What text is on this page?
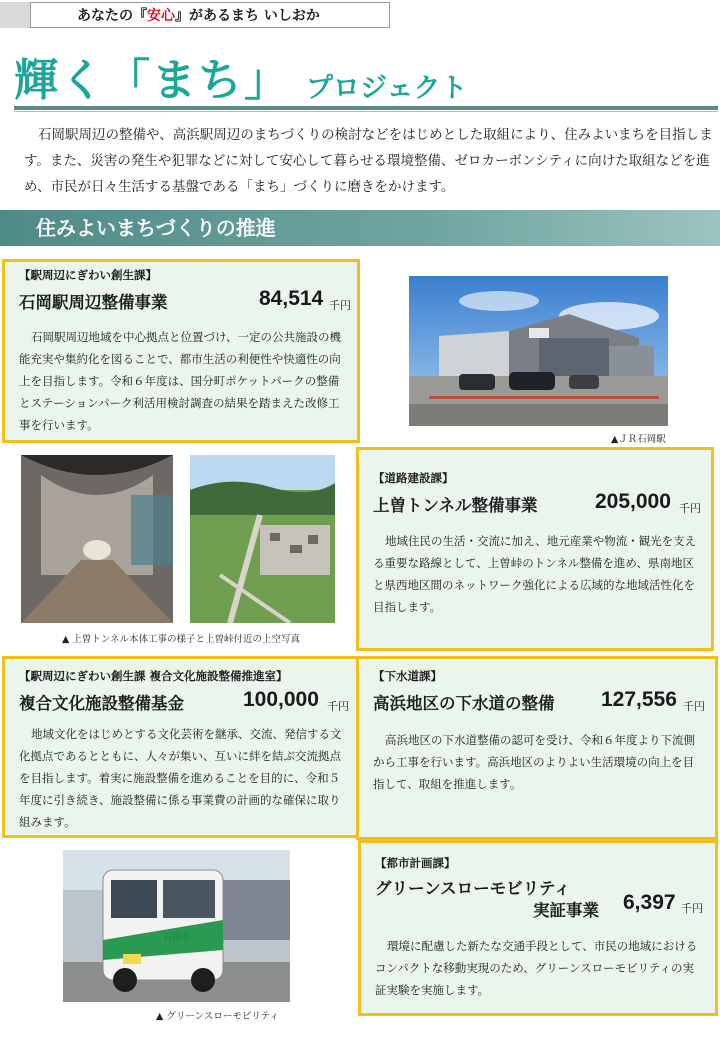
あなたの『 安心 』があるまち いしおか
輝く「まち」 プロジェクト

石岡駅周辺の整備や、高浜駅周辺のまちづくりの検討などをはじめとした取組により、住みよいまちを目指します。また、災害の発生や犯罪などに対して安心して暮らせる環境整備、ゼロカーボンシティに向けた取組などを進め、市民が日々生活する基盤である「まち」づくりに磨きをかけます。

住みよいまちづくりの推進
【駅周辺にぎわい創生課】
石岡駅周辺整備事業	84,514 千円
石岡駅周辺地域を中心拠点と位置づけ、一定の公共施設の機能充実や集約化を図ることで、都市生活の利便性や快適性の向上を目指します。令和６年度は、国分町ポケットパークの整備とステーションパーク利活用検討調査の結果を踏まえた改修工事を行います。
▲ＪＲ石岡駅
▲ 上曽トンネル本体工事の様子と上曽峠付近の上空写真
【道路建設課】
上曽トンネル整備事業	205,000 千円
地域住民の生活・交流に加え、地元産業や物流・観光を支える重要な路線として、上曽峠のトンネル整備を進め、県南地区と県西地区間のネットワーク強化による広域的な地域活性化を目指します。
【駅周辺にぎわい創生課 複合文化施設整備推進室】
複合文化施設整備基金	100,000 千円
地域文化をはじめとする文化芸術を継承、交流、発信する文化拠点であるとともに、人々が集い、互いに絆を結ぶ交流拠点を目指します。着実に施設整備を進めることを目的に、令和５年度に引き続き、施設整備に係る事業費の計画的な確保に取り組みます。
【下水道課】
高浜地区の下水道の整備 127,556 千円
高浜地区の下水道整備の認可を受け、令和６年度より下流側から工事を行います。高浜地区のよりよい生活環境の向上を目指して、取組を推進します。
石岡市
▲ グリーンスローモビリティ
【都市計画課】
グリーンスローモビリティ
実証事業 6,397 千円
環境に配慮した新たな交通手段として、市民の地域におけるコンパクトな移動実現のため、グリーンスローモビリティの実証実験を実施します。
